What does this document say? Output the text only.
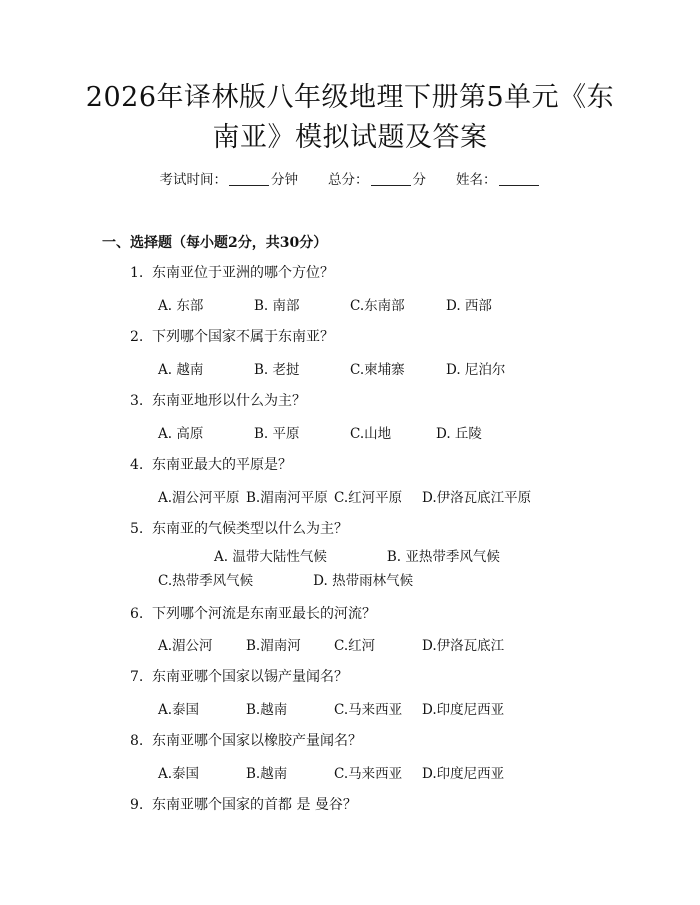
2026年译林版八年级地理下册第5单元《东
南亚》模拟试题及答案
考试时间：	分钟 总分：	分 姓名：
一、选择题（每小题2分，共30分）
1. 东南亚位于亚洲的哪个方位？
A. 东部	B. 南部	C.东南部	D. 西部
2. 下列哪个国家不属于东南亚？
A. 越南	B. 老挝	C.柬埔寨	D. 尼泊尔
3. 东南亚地形以什么为主？
A. 高原	B. 平原	C.山地	D. 丘陵
4. 东南亚最大的平原是？
A.湄公河平原 B.湄南河平原 C.红河平原 D.伊洛瓦底江平原
5. 东南亚的气候类型以什么为主？
A. 温带大陆性气候	B. 亚热带季风气候C.热带季风气候	D. 热带雨林气候
6. 下列哪个河流是东南亚最长的河流？
A.湄公河 B.湄南河 C.红河	D.伊洛瓦底江
7. 东南亚哪个国家以锡产量闻名？
A.泰国	B.越南	C.马来西亚 D.印度尼西亚
8. 东南亚哪个国家以橡胶产量闻名？
A.泰国	B.越南	C.马来西亚 D.印度尼西亚
9. 东南亚哪个国家的首都 是 曼谷？
